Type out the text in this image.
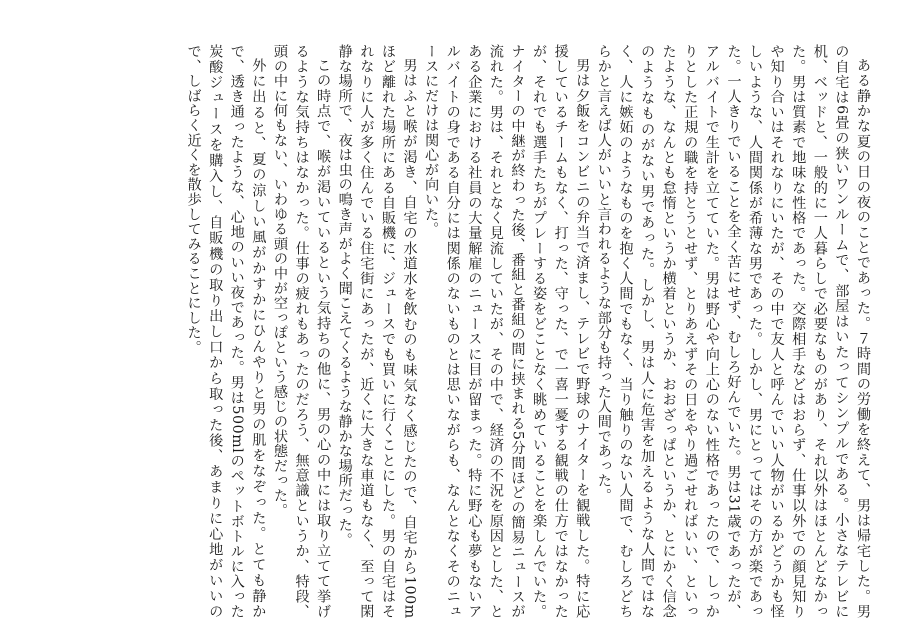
ある静かな夏の日の夜のことであった。７時間の労働を終えて、男は帰宅した。男の自宅は6畳の狭いワンルームで、部屋はいたってシンプルである。小さなテレビに机、ベッドと、一般的に一人暮らしで必要なものがあり、それ以外はほとんどなかった。男は質素で地味な性格であった。交際相手などはおらず、仕事以外での顔見知りや知り合いはそれなりにいたが、その中で友人と呼んでいい人物がいるかどうかも怪しいような、人間関係が希薄な男であった。しかし、男にとってはその方が楽であった。一人きりでいることを全く苦にせず、むしろ好んでいた。男は31歳であったが、アルバイトで生計を立てていた。男は野心や向上心のない性格であったので、しっかりとした正規の職を持とうとせず、とりあえずその日をやり過ごせればいい、といったような、なんとも怠惰というか横着というか、おおざっぱというか、とにかく信念のようなものがない男であった。しかし、男は人に危害を加えるような人間ではなく、人に嫉妬のようなものを抱く人間でもなく、当り触りのない人間で、むしろどちらかと言えば人がいいと言われるような部分も持った人間であった。

男は夕飯をコンビニの弁当で済まし、テレビで野球のナイターを観戦した。特に応援しているチームもなく、打った、守った、で一喜一憂する観戦の仕方ではなかったが、それでも選手たちがプレーする姿をどことなく眺めていることを楽しんでいた。ナイターの中継が終わった後、番組と番組の間に挟まれる5分間ほどの簡易ニュースが流れた。男は、それとなく見流していたが、その中で、経済の不況を原因とした、とある企業における社員の大量解雇のニュースに目が留まった。特に野心も夢もないアルバイトの身である自分には関係のないものとは思いながらも、なんとなくそのニュースにだけは関心が向いた。

男はふと喉が渇き、自宅の水道水を飲むのも味気なく感じたので、自宅から100mほど離れた場所にある自販機に、ジュースでも買いに行くことにした。男の自宅はそれなりに人が多く住んでいる住宅街にあったが、近くに大きな車道もなく、至って閑静な場所で、夜は虫の鳴き声がよく聞こえてくるような静かな場所だった。

この時点で、喉が渇いているという気持ちの他に、男の心の中には取り立てて挙げるような気持ちはなかった。仕事の疲れもあったのだろう、無意識というか、特段、頭の中に何もない、いわゆる頭の中が空っぽという感じの状態だった。

外に出ると、夏の涼しい風がかすかにひんやりと男の肌をなぞった。とても静かで、透き通ったような、心地のいい夜であった。男は500mlのペットボトルに入った炭酸ジュースを購入し、自販機の取り出し口から取った後、あまりに心地がいいので、しばらく近くを散歩してみることにした。
